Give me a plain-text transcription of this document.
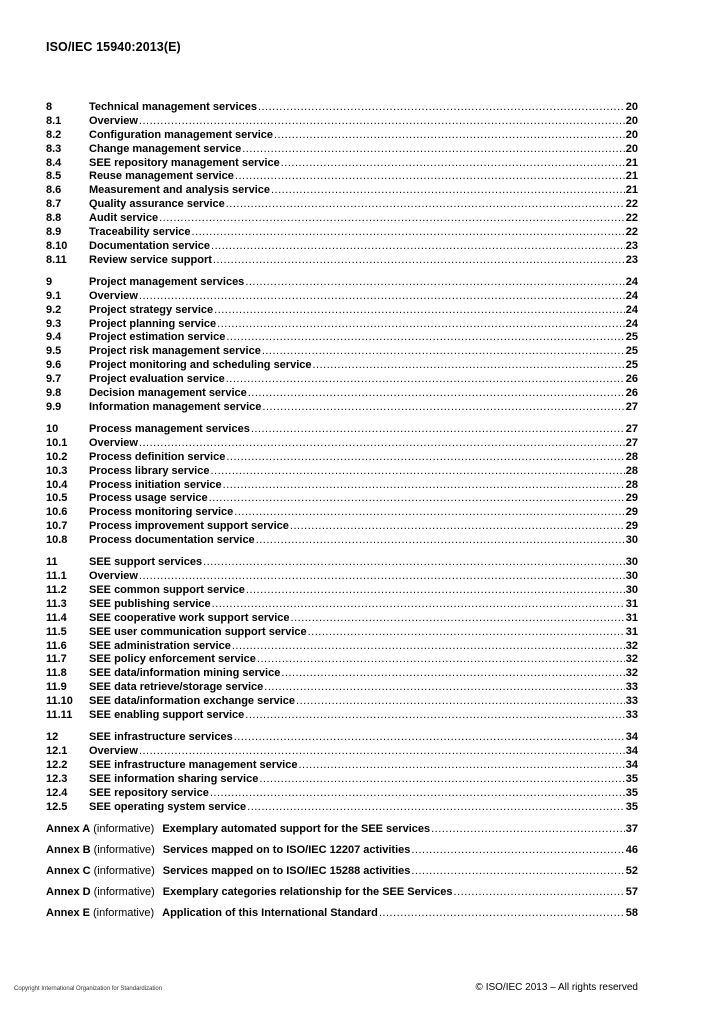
ISO/IEC 15940:2013(E)
8	Technical management services .....	20
8.1	Overview .....	20
8.2	Configuration management service .....	20
8.3	Change management service .....	20
8.4	SEE repository management service .....	21
8.5	Reuse management service .....	21
8.6	Measurement and analysis service .....	21
8.7	Quality assurance service .....	22
8.8	Audit service .....	22
8.9	Traceability service .....	22
8.10	Documentation service .....	23
8.11	Review service support .....	23
9	Project management services .....	24
9.1	Overview .....	24
9.2	Project strategy service .....	24
9.3	Project planning service .....	24
9.4	Project estimation service .....	25
9.5	Project risk management service .....	25
9.6	Project monitoring and scheduling service .....	25
9.7	Project evaluation service .....	26
9.8	Decision management service .....	26
9.9	Information management service .....	27
10	Process management services .....	27
10.1	Overview .....	27
10.2	Process definition service .....	28
10.3	Process library service .....	28
10.4	Process initiation service .....	28
10.5	Process usage service .....	29
10.6	Process monitoring service .....	29
10.7	Process improvement support service .....	29
10.8	Process documentation service .....	30
11	SEE support services .....	30
11.1	Overview .....	30
11.2	SEE common support service .....	30
11.3	SEE publishing service .....	31
11.4	SEE cooperative work support service .....	31
11.5	SEE user communication support service .....	31
11.6	SEE administration service .....	32
11.7	SEE policy enforcement service .....	32
11.8	SEE data/information mining service .....	32
11.9	SEE data retrieve/storage service .....	33
11.10	SEE data/information exchange service .....	33
11.11	SEE enabling support service .....	33
12	SEE infrastructure services .....	34
12.1	Overview .....	34
12.2	SEE infrastructure management service .....	34
12.3	SEE information sharing service .....	35
12.4	SEE repository service .....	35
12.5	SEE operating system service .....	35
Annex A (informative) Exemplary automated support for the SEE services .....	37
Annex B (informative) Services mapped on to ISO/IEC 12207 activities .....	46
Annex C (informative) Services mapped on to ISO/IEC 15288 activities .....	52
Annex D (informative) Exemplary categories relationship for the SEE Services .....	57
Annex E (informative) Application of this International Standard .....	58
Copyright International Organization for Standardization	© ISO/IEC 2013 – All rights reserved
